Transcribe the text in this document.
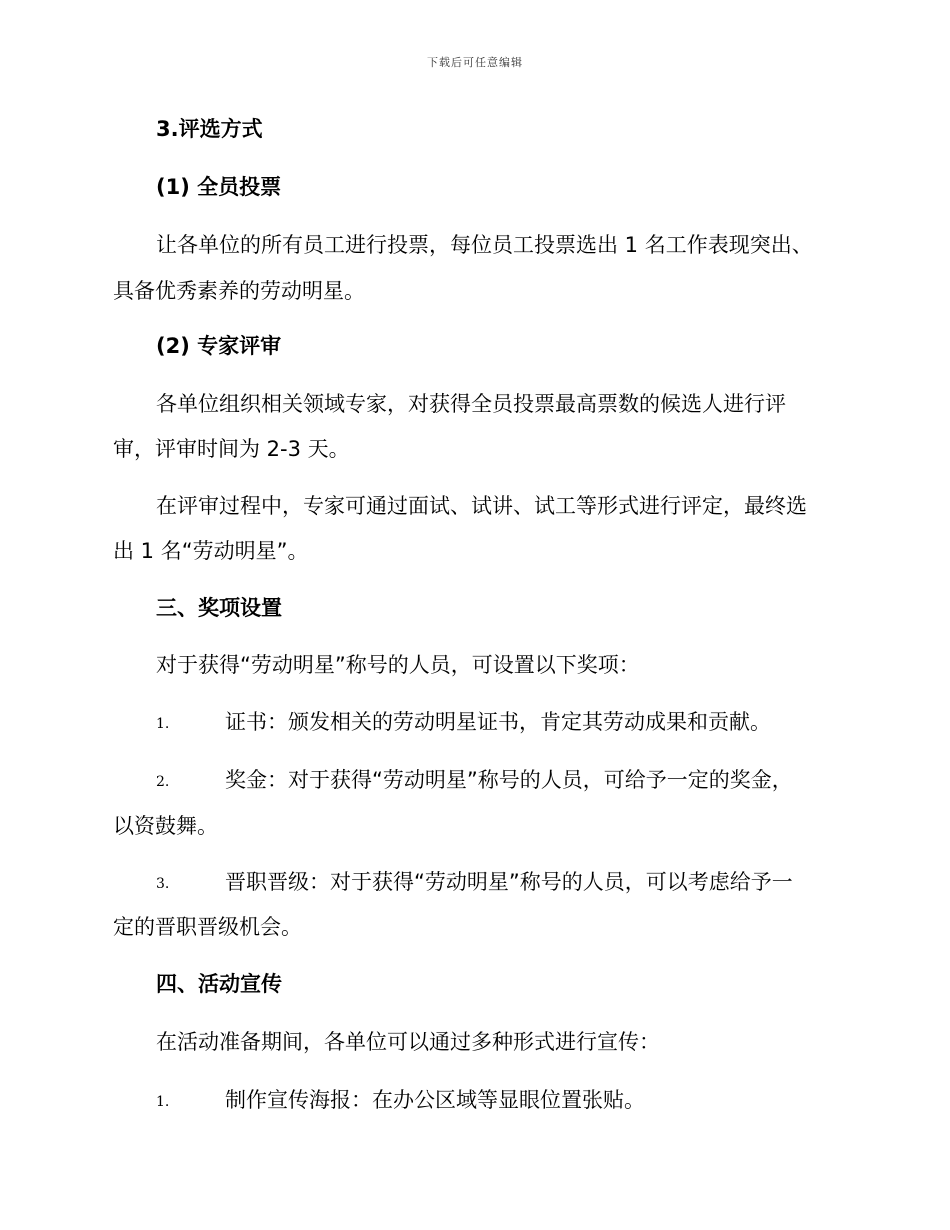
下载后可任意编辑
3.评选方式
(1) 全员投票
让各单位的所有员工进行投票，每位员工投票选出 1 名工作表现突出、
具备优秀素养的劳动明星。
(2) 专家评审
各单位组织相关领域专家，对获得全员投票最高票数的候选人进行评
审，评审时间为 2-3 天。
在评审过程中，专家可通过面试、试讲、试工等形式进行评定，最终选
出 1 名“劳动明星”。
三、奖项设置
对于获得“劳动明星”称号的人员，可设置以下奖项：
1.	证书：颁发相关的劳动明星证书，肯定其劳动成果和贡献。
2.	奖金：对于获得“劳动明星”称号的人员，可给予一定的奖金，
以资鼓舞。
3.	晋职晋级：对于获得“劳动明星”称号的人员，可以考虑给予一
定的晋职晋级机会。
四、活动宣传
在活动准备期间，各单位可以通过多种形式进行宣传：
1.	制作宣传海报：在办公区域等显眼位置张贴。
